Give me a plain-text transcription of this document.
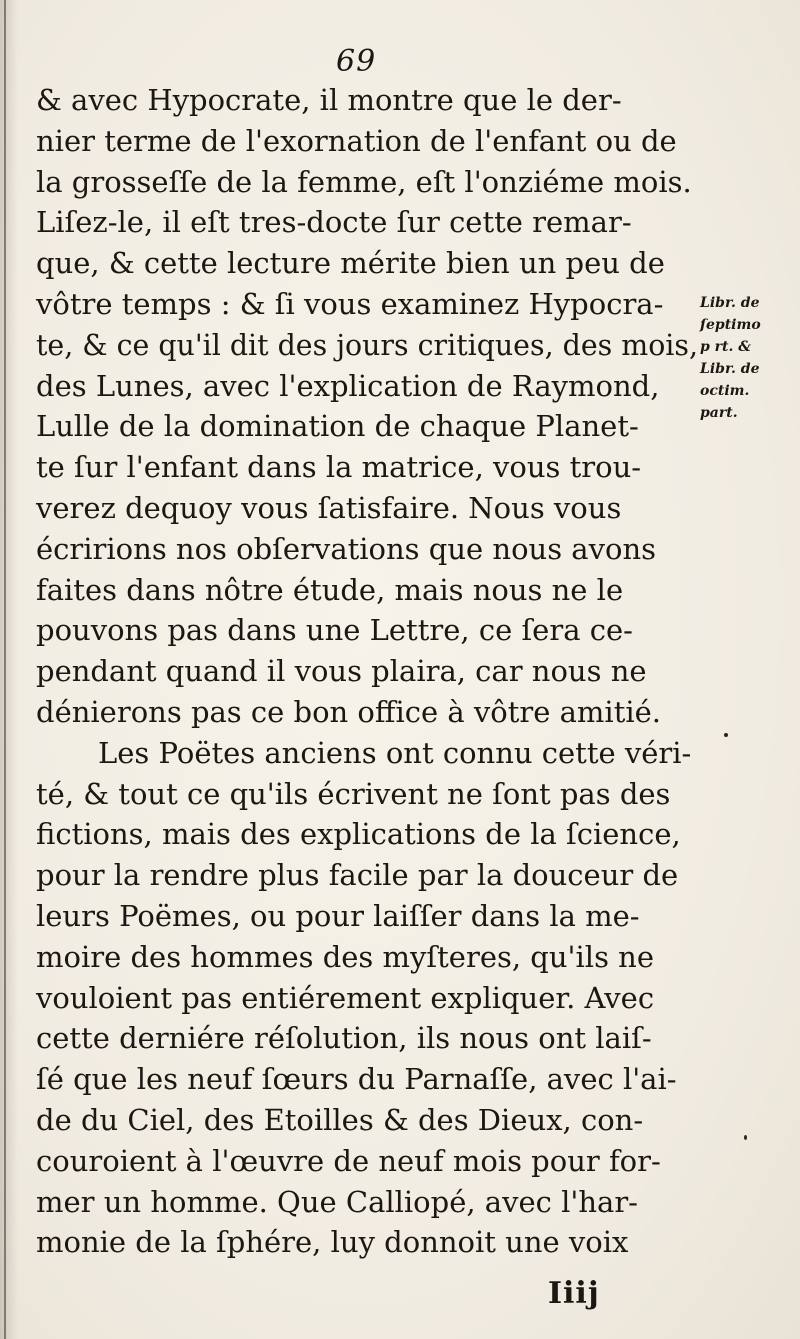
69
& avec Hypocrate, il montre que le der-
nier terme de l'exornation de l'enfant ou de
la grosseſſe de la femme, eſt l'onziéme mois.
Liſez-le, il eſt tres-docte ſur cette remar-
que, & cette lecture mérite bien un peu de
vôtre temps : & ſi vous examinez Hypocra-
te, & ce qu'il dit des jours critiques, des mois,
des Lunes, avec l'explication de Raymond,
Lulle de la domination de chaque Planet-
te ſur l'enfant dans la matrice, vous trou-
verez dequoy vous ſatisfaire. Nous vous
écririons nos obſervations que nous avons
faites dans nôtre étude, mais nous ne le
pouvons pas dans une Lettre, ce ſera ce-
pendant quand il vous plaira, car nous ne
dénierons pas ce bon office à vôtre amitié.
Les Poëtes anciens ont connu cette véri-
té, & tout ce qu'ils écrivent ne ſont pas des
fictions, mais des explications de la ſcience,
pour la rendre plus facile par la douceur de
leurs Poëmes, ou pour laiſſer dans la me-
moire des hommes des myſteres, qu'ils ne
vouloient pas entiérement expliquer. Avec
cette derniére réſolution, ils nous ont laiſ-
ſé que les neuf ſœurs du Parnaſſe, avec l'ai-
de du Ciel, des Etoilles & des Dieux, con-
couroient à l'œuvre de neuf mois pour for-
mer un homme. Que Calliopé, avec l'har-
monie de la ſphére, luy donnoit une voix
Libr. de
ſeptimo
p rt. &
Libr. de
octim.
part.
Iiij
